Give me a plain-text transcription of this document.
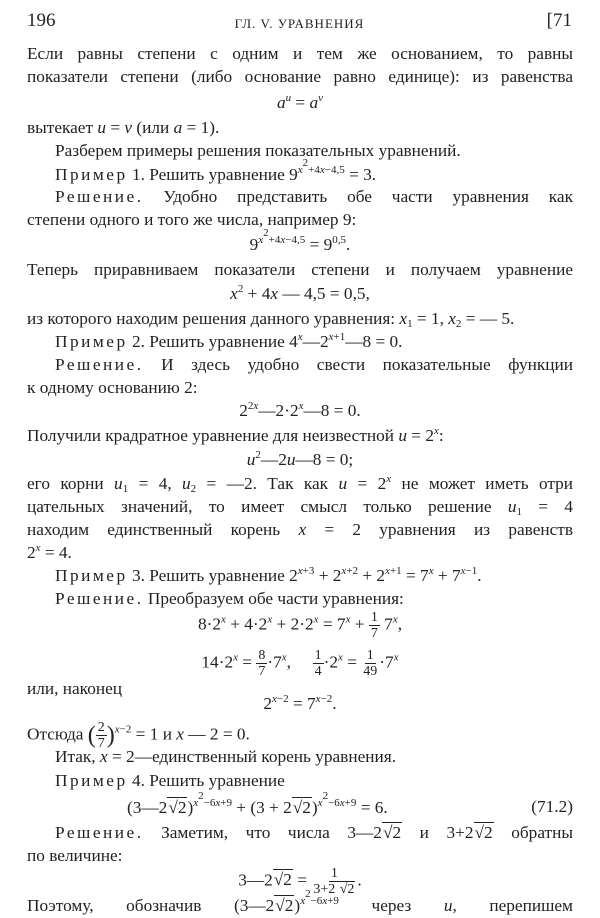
196	ГЛ. V. УРАВНЕНИЯ	[71
Если равны степени с одним и тем же основанием, то равны
показатели степени (либо основание равно единице): из равенства
$a^u = a^v$
вытекает u = v (или a = 1).
Разберем примеры решения показательных уравнений.
Пример 1. Решить уравнение $9^{x^2+4x-4,5} = 3$.
Решение. Удобно представить обе части уравнения как
степени одного и того же числа, например 9:
$9^{x^2+4x-4,5} = 9^{0,5}$.
Теперь приравниваем показатели степени и получаем уравнение
$x^2 + 4x$ — 4,5 = 0,5,
из которого находим решения данного уравнения: $x_1 = 1$, $x_2$ = — 5.
Пример 2. Решить уравнение $4^x—2^{x+1}—8 = 0$.
Решение. И здесь удобно свести показательные функции
к одному основанию 2:
$2^{2x}—2\cdot 2^x—8 = 0$.
Получили крадратное уравнение для неизвестной $u = 2^x$:
$u^2—2u—8 = 0$;
его корни $u_1 = 4$, $u_2$ = —2. Так как $u = 2^x$ не может иметь отри
цательных значений, то имеет смысл только решение $u_1 = 4$
находим единственный корень x = 2 уравнения из равенств
$2^x = 4$.
Пример 3. Решить уравнение $2^{x+3} + 2^{x+2} + 2^{x+1} = 7^x + 7^{x-1}$.
Решение. Преобразуем обе части уравнения:
$8\cdot 2^x + 4\cdot 2^x + 2\cdot 2^x = 7^x + \frac{1}{7} 7^x$,
$14\cdot 2^x = \frac{8}{7} \cdot 7^x$, $\frac{1}{4} \cdot 2^x = \frac{1}{49} \cdot 7^x$
или, наконец
$2^{x-2} = 7^{x-2}$.
Отсюда ( $\frac{2}{7} )^{x-2} = 1$ и x — 2 = 0.
Итак, x = 2—единственный корень уравнения.
Пример 4. Решить уравнение
(3—2√2)$^{x^2-6x+9}$ + $(3 + 2√2)^{x^2-6x+9} = 6$.	(71.2)
Решение. Заметим, что числа 3—2√2 и 3+2√2 обратны
по величине:
3—2√2 = $\frac{1}{3+2 √2}$ .
Поэтому, обозначив (3—2√2)$^{x^2-6x+9}$ через u, перепишем
